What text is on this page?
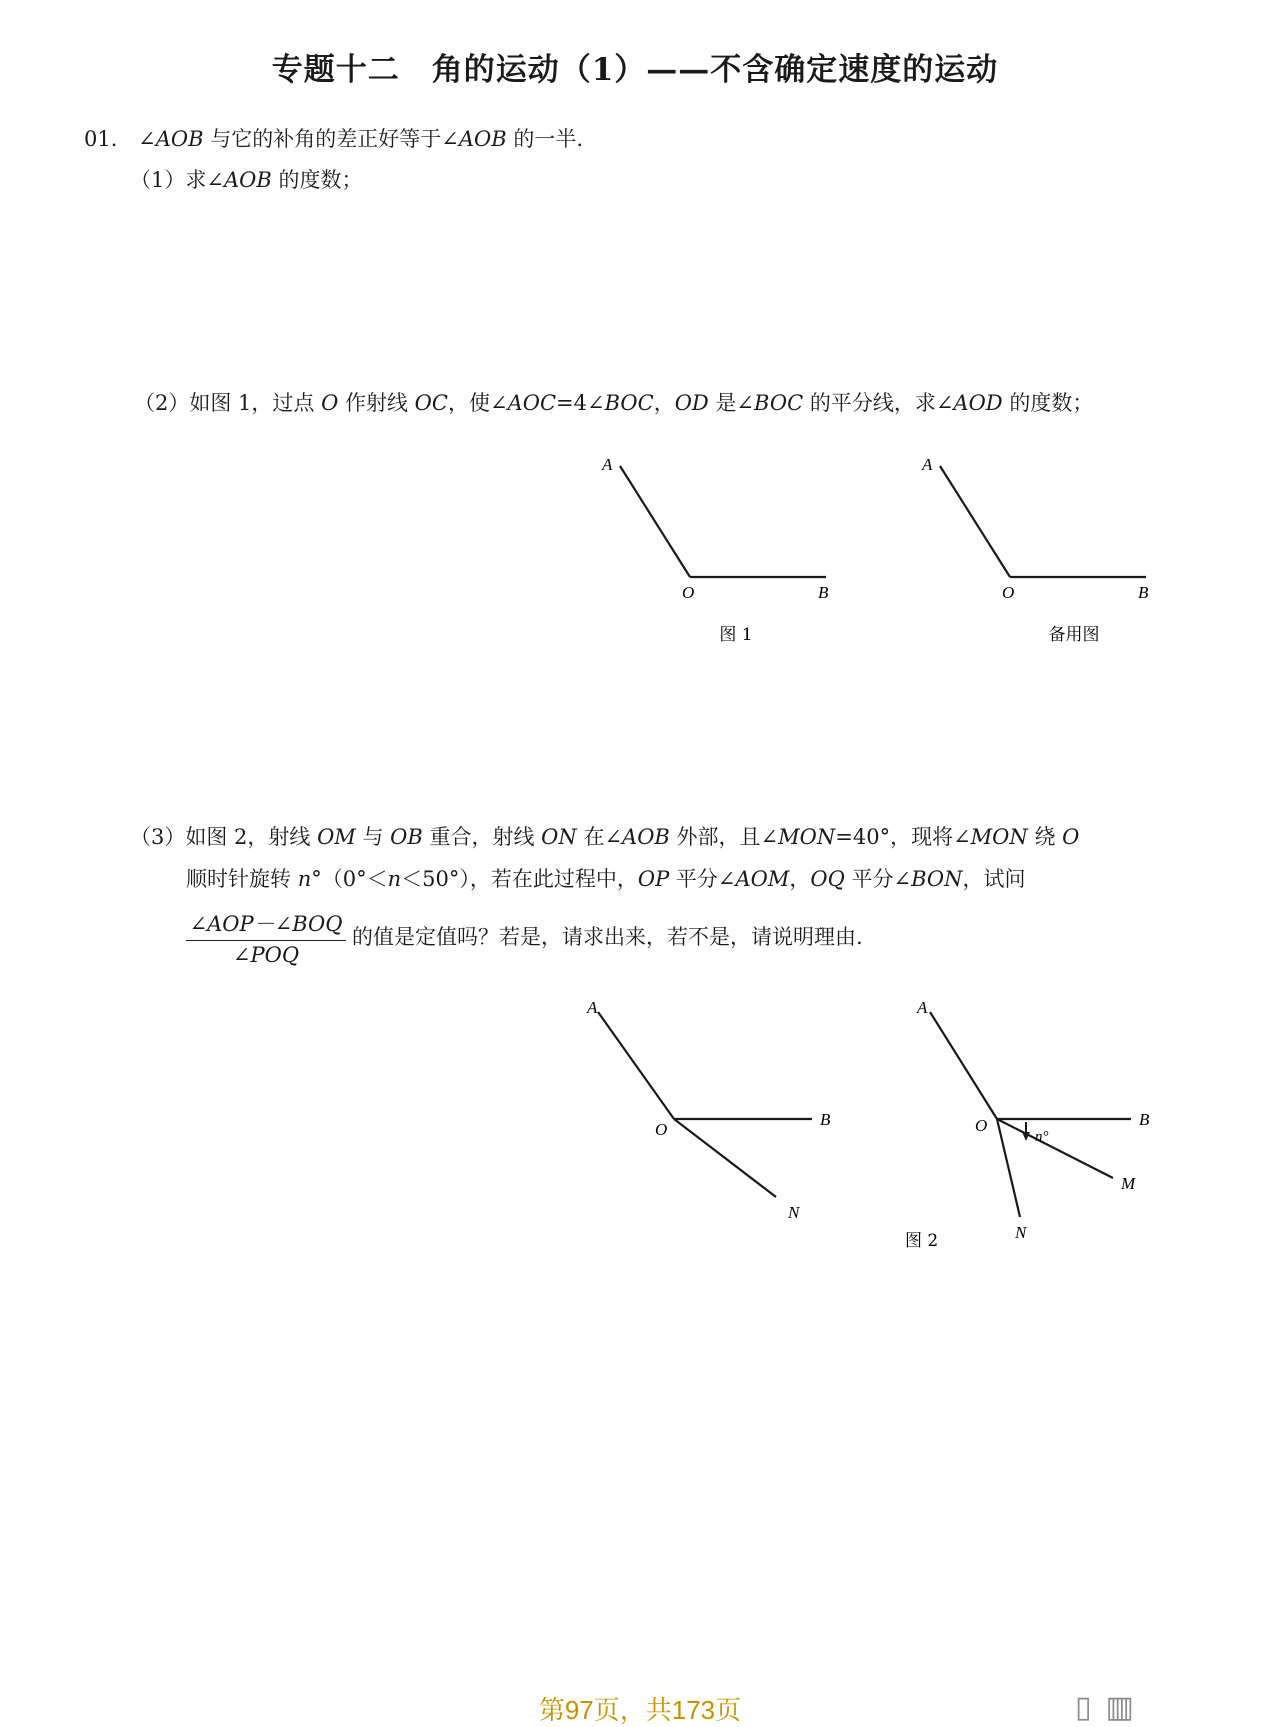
专题十二　角的运动（1）——不含确定速度的运动
01. ∠AOB 与它的补角的差正好等于∠AOB 的一半.
（1）求∠AOB 的度数；
（2）如图 1，过点 O 作射线 OC，使∠AOC=4∠BOC，OD 是∠BOC 的平分线，求∠AOD 的度数；
A
O	B
图 1
A
O	B
备用图
（3）如图 2，射线 OM 与 OB 重合，射线 ON 在∠AOB 外部，且∠MON=40°，现将∠MON 绕 O
顺时针旋转 n°（0°＜n＜50°），若在此过程中，OP 平分∠AOM，OQ 平分∠BON，试问
∠AOP－∠BOQ
∠POQ
的值是定值吗？若是，请求出来，若不是，请说明理由.
A
O
B
N
n°
A
O	B
M
N
图 2
第97页，共173页	▯▥
